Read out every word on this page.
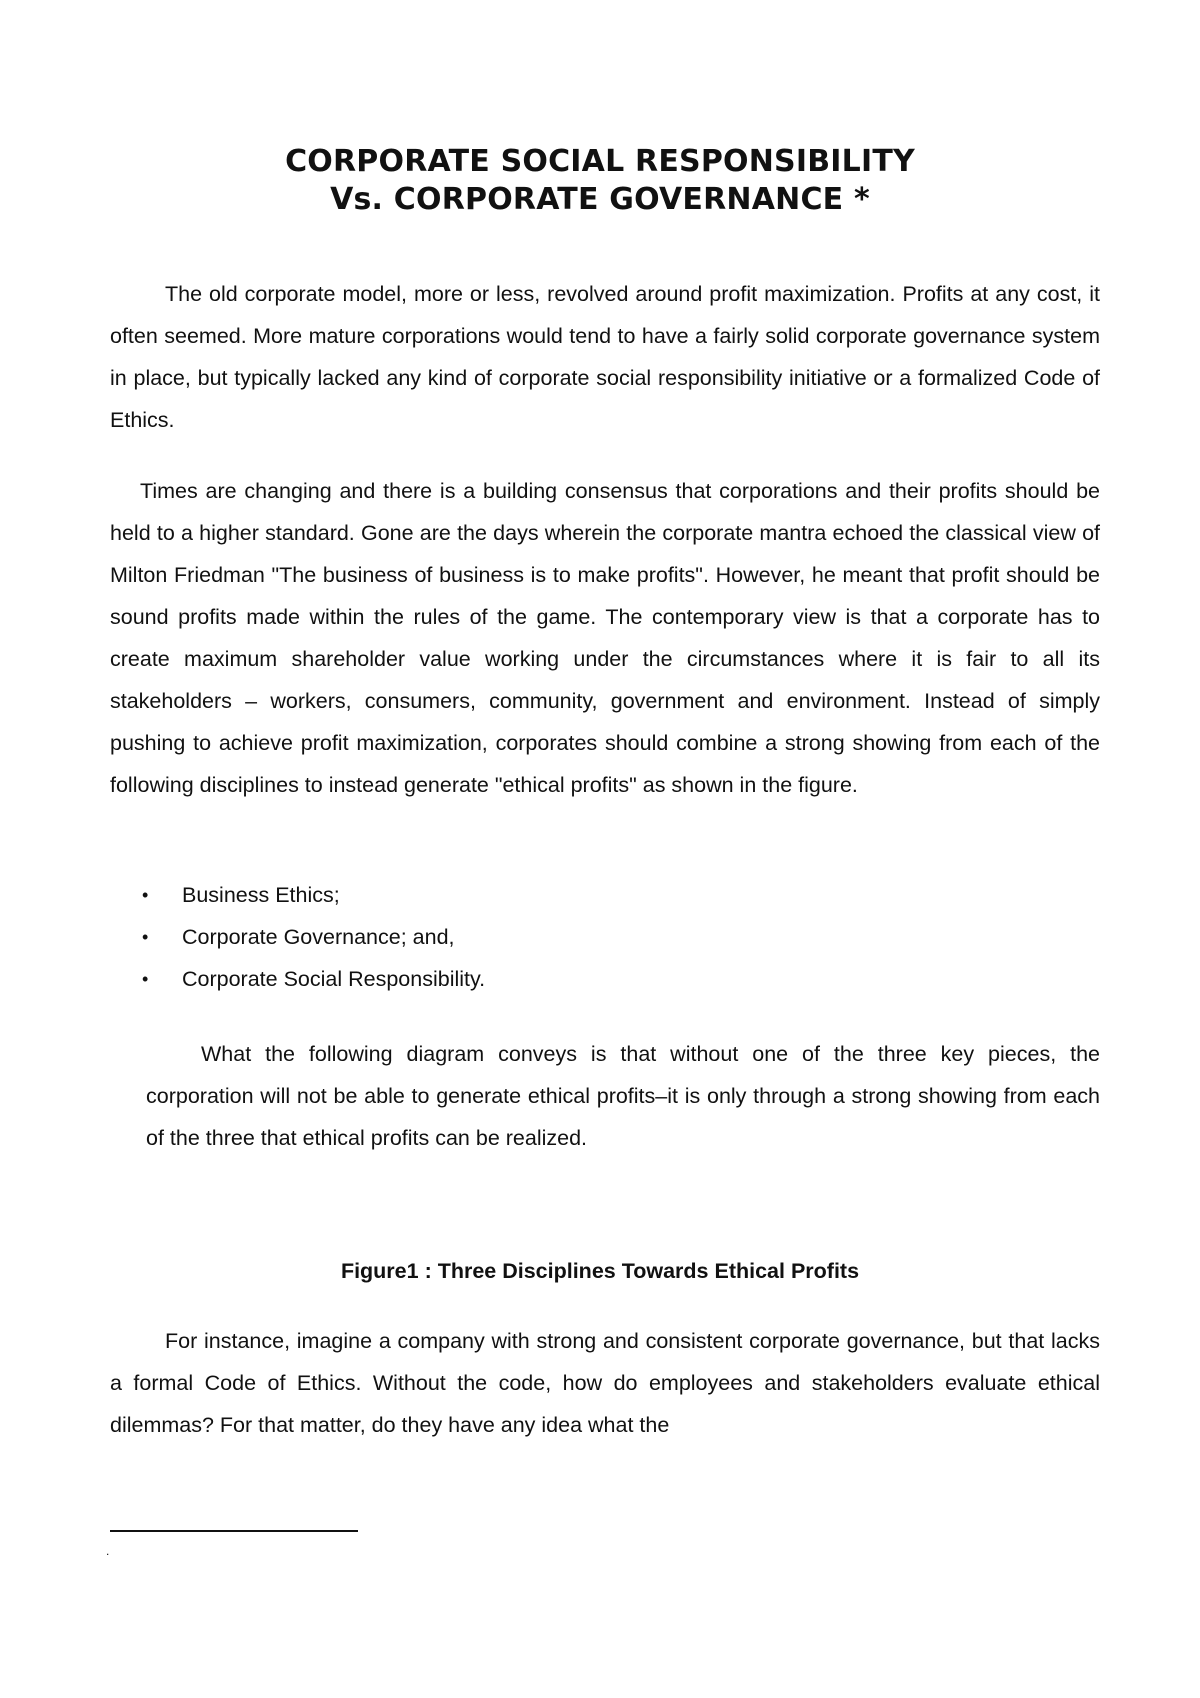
CORPORATE SOCIAL RESPONSIBILITY
Vs. CORPORATE GOVERNANCE *

The old corporate model, more or less, revolved around profit maximization. Profits at any cost, it often seemed. More mature corporations would tend to have a fairly solid corporate governance system in place, but typically lacked any kind of corporate social responsibility initiative or a formalized Code of Ethics.

Times are changing and there is a building consensus that corporations and their profits should be held to a higher standard. Gone are the days wherein the corporate mantra echoed the classical view of Milton Friedman "The business of business is to make profits". However, he meant that profit should be sound profits made within the rules of the game. The contemporary view is that a corporate has to create maximum shareholder value working under the circumstances where it is fair to all its stakeholders – workers, consumers, community, government and environment. Instead of simply pushing to achieve profit maximization, corporates should combine a strong showing from each of the following disciplines to instead generate "ethical profits" as shown in the figure.

• Business Ethics;
• Corporate Governance; and,
• Corporate Social Responsibility.

What the following diagram conveys is that without one of the three key pieces, the corporation will not be able to generate ethical profits–it is only through a strong showing from each of the three that ethical profits can be realized.

Figure1 : Three Disciplines Towards Ethical Profits

For instance, imagine a company with strong and consistent corporate governance, but that lacks a formal Code of Ethics. Without the code, how do employees and stakeholders evaluate ethical dilemmas? For that matter, do they have any idea what the

.
